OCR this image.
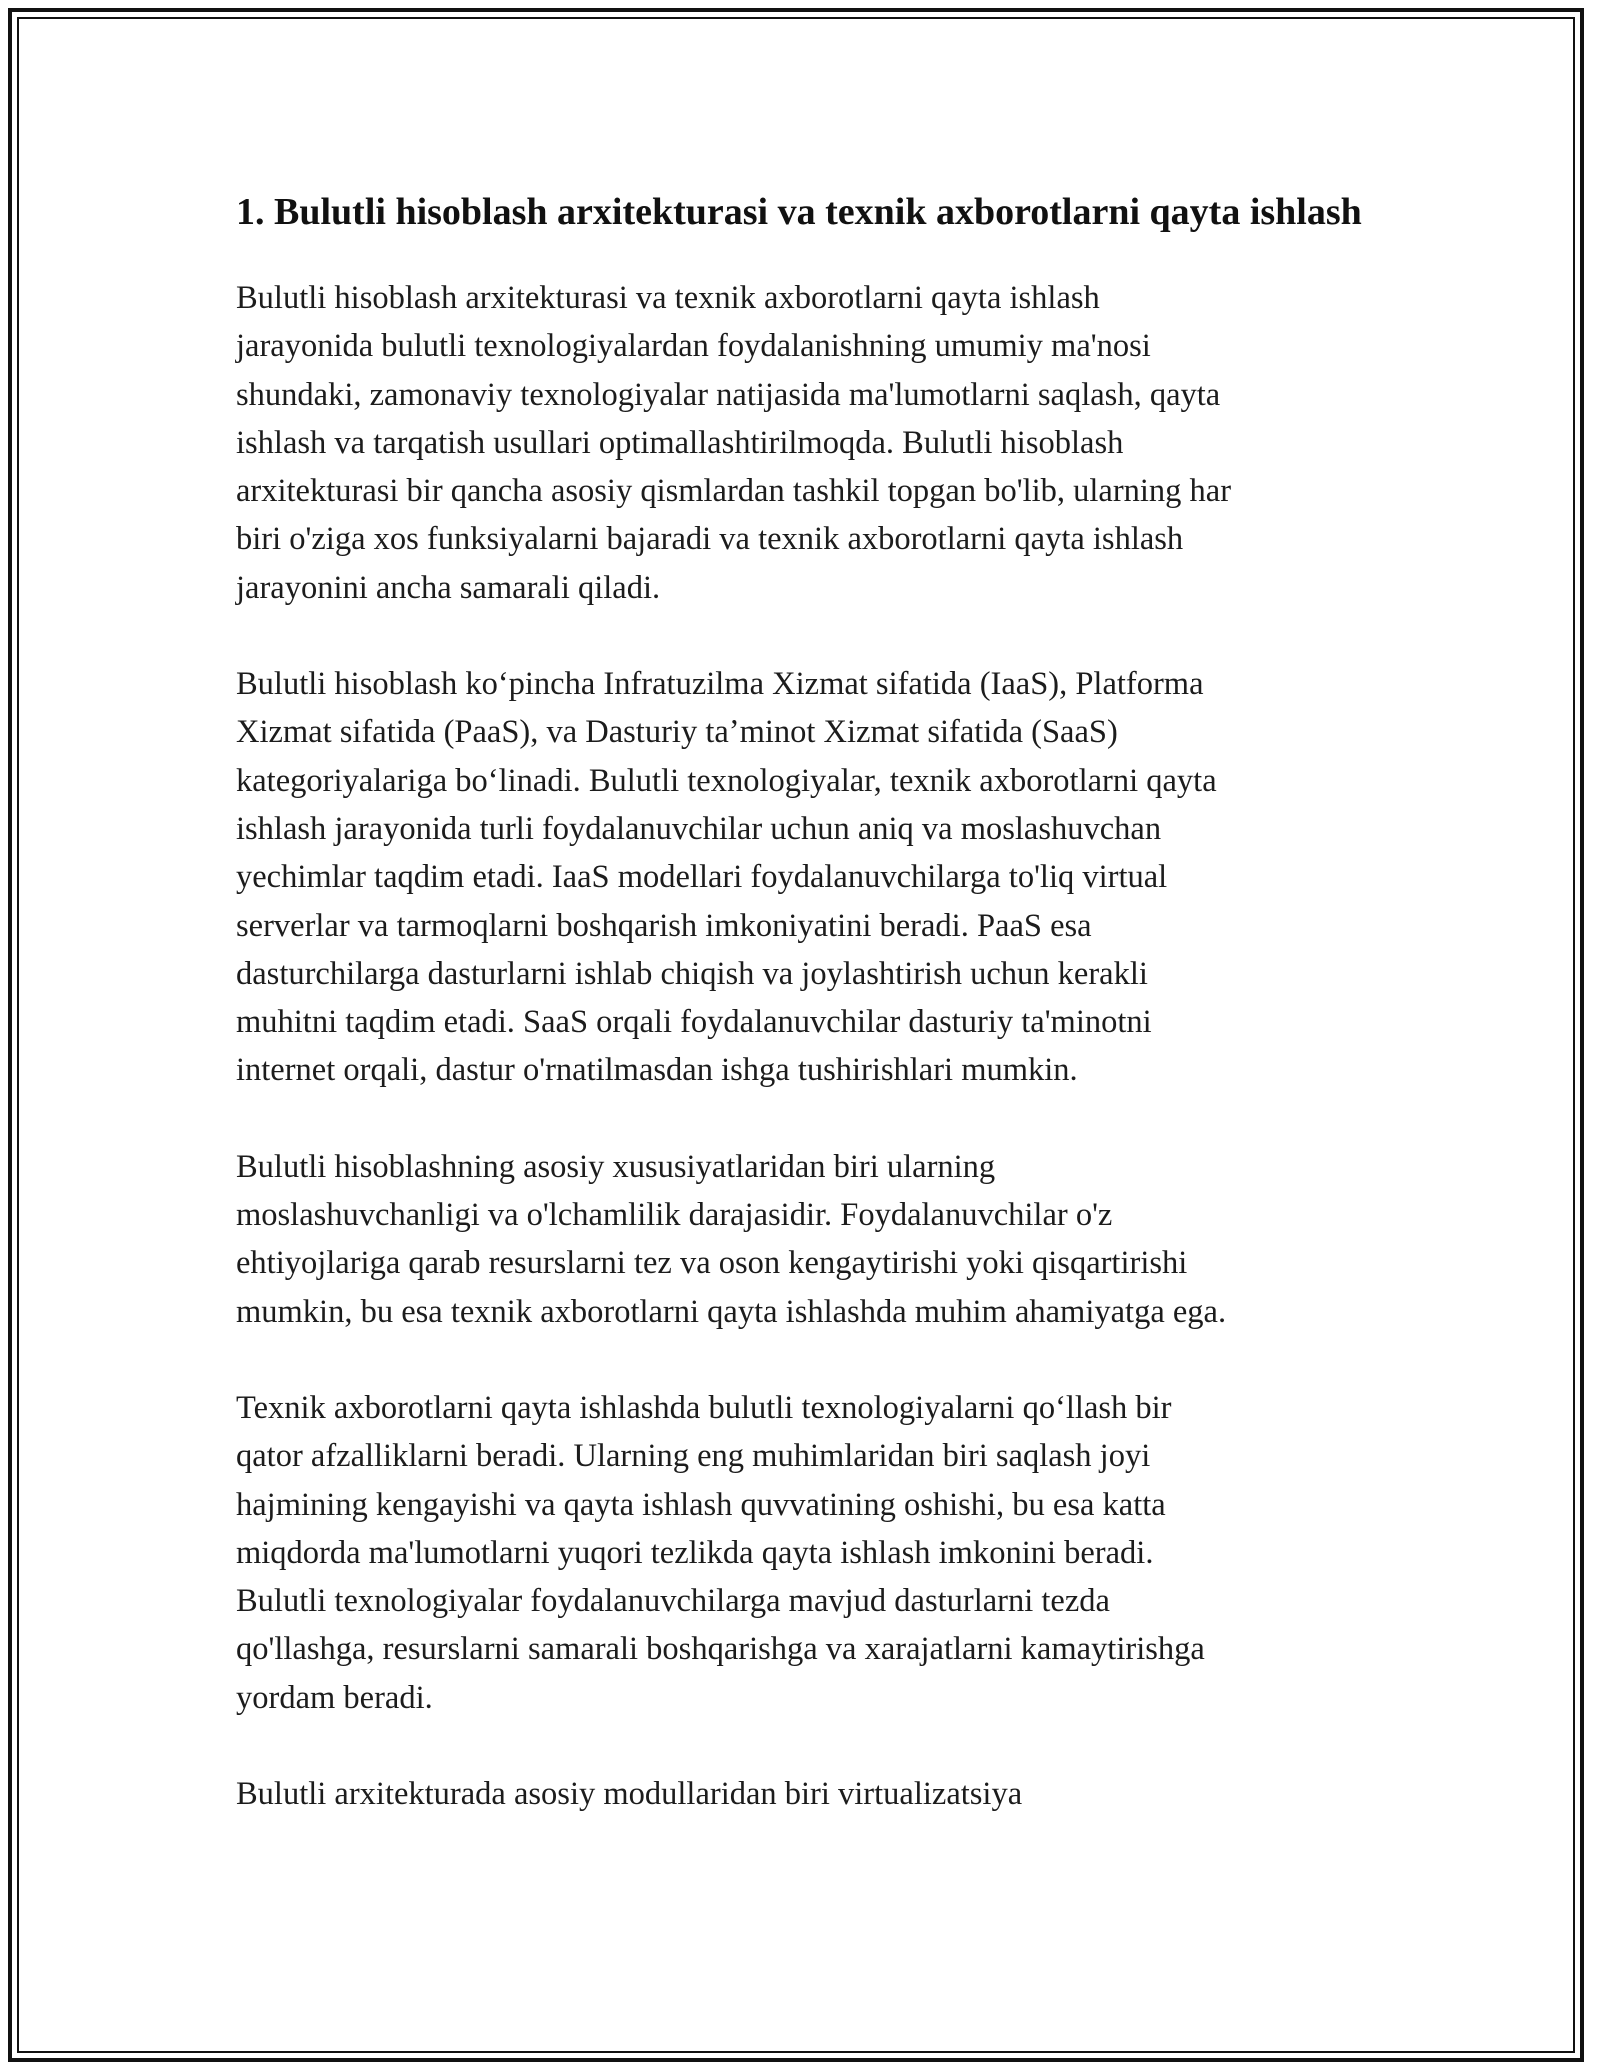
1. Bulutli hisoblash arxitekturasi va texnik axborotlarni qayta ishlash

Bulutli hisoblash arxitekturasi va texnik axborotlarni qayta ishlash
jarayonida bulutli texnologiyalardan foydalanishning umumiy ma'nosi
shundaki, zamonaviy texnologiyalar natijasida ma'lumotlarni saqlash, qayta
ishlash va tarqatish usullari optimallashtirilmoqda. Bulutli hisoblash
arxitekturasi bir qancha asosiy qismlardan tashkil topgan bo'lib, ularning har
biri o'ziga xos funksiyalarni bajaradi va texnik axborotlarni qayta ishlash
jarayonini ancha samarali qiladi.

Bulutli hisoblash koʻpincha Infratuzilma Xizmat sifatida (IaaS), Platforma
Xizmat sifatida (PaaS), va Dasturiy taʼminot Xizmat sifatida (SaaS)
kategoriyalariga boʻlinadi. Bulutli texnologiyalar, texnik axborotlarni qayta
ishlash jarayonida turli foydalanuvchilar uchun aniq va moslashuvchan
yechimlar taqdim etadi. IaaS modellari foydalanuvchilarga to'liq virtual
serverlar va tarmoqlarni boshqarish imkoniyatini beradi. PaaS esa
dasturchilarga dasturlarni ishlab chiqish va joylashtirish uchun kerakli
muhitni taqdim etadi. SaaS orqali foydalanuvchilar dasturiy ta'minotni
internet orqali, dastur o'rnatilmasdan ishga tushirishlari mumkin.

Bulutli hisoblashning asosiy xususiyatlaridan biri ularning
moslashuvchanligi va o'lchamlilik darajasidir. Foydalanuvchilar o'z
ehtiyojlariga qarab resurslarni tez va oson kengaytirishi yoki qisqartirishi
mumkin, bu esa texnik axborotlarni qayta ishlashda muhim ahamiyatga ega.

Texnik axborotlarni qayta ishlashda bulutli texnologiyalarni qoʻllash bir
qator afzalliklarni beradi. Ularning eng muhimlaridan biri saqlash joyi
hajmining kengayishi va qayta ishlash quvvatining oshishi, bu esa katta
miqdorda ma'lumotlarni yuqori tezlikda qayta ishlash imkonini beradi.
Bulutli texnologiyalar foydalanuvchilarga mavjud dasturlarni tezda
qo'llashga, resurslarni samarali boshqarishga va xarajatlarni kamaytirishga
yordam beradi.

Bulutli arxitekturada asosiy modullaridan biri virtualizatsiya
